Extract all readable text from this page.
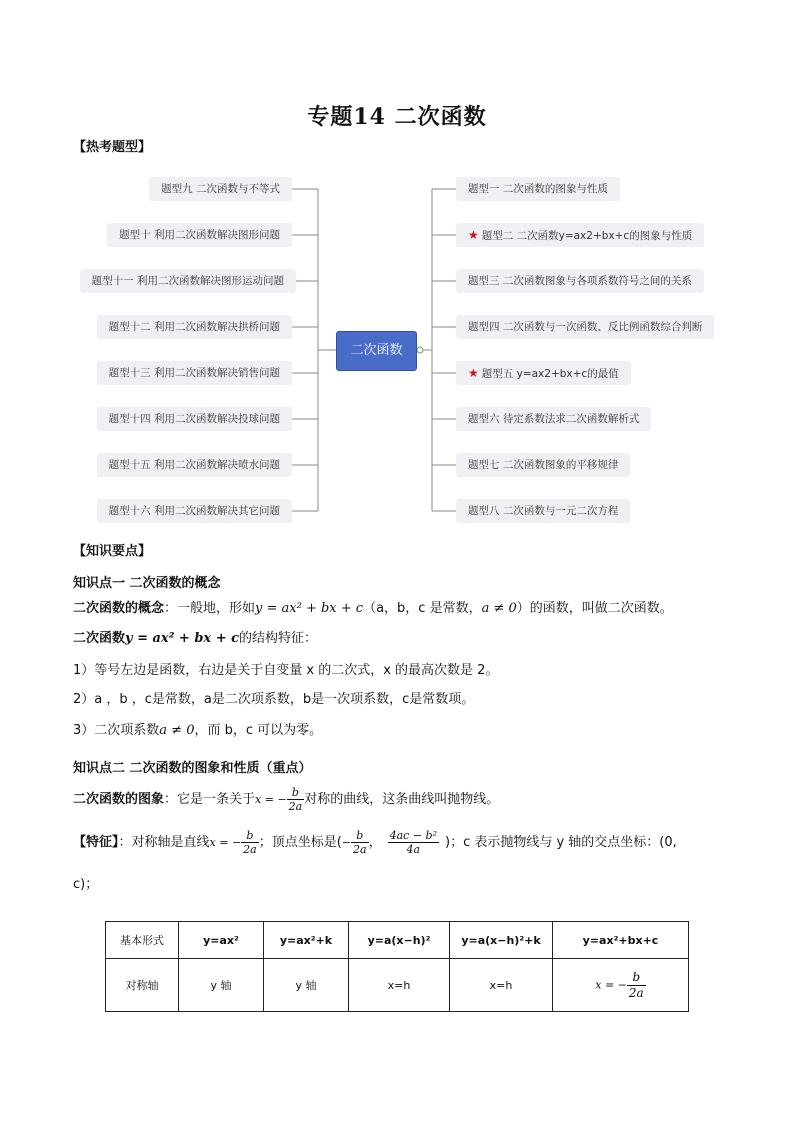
专题14 二次函数
【热考题型】
题型九 二次函数与不等式
题型十 利用二次函数解决图形问题
题型十一 利用二次函数解决图形运动问题
题型十二 利用二次函数解决拱桥问题
题型十三 利用二次函数解决销售问题
题型十四 利用二次函数解决投球问题
题型十五 利用二次函数解决喷水问题
题型十六 利用二次函数解决其它问题
题型一 二次函数的图象与性质
★ 题型二 二次函数y=ax2+bx+c的图象与性质
题型三 二次函数图象与各项系数符号之间的关系
题型四 二次函数与一次函数、反比例函数综合判断
★ 题型五 y=ax2+bx+c的最值
题型六 待定系数法求二次函数解析式
题型七 二次函数图象的平移规律
题型八 二次函数与一元二次方程
二次函数
【知识要点】
知识点一 二次函数的概念
二次函数的概念：一般地，形如y = ax² + bx + c（a，b，c 是常数，a ≠ 0）的函数，叫做二次函数。
二次函数y = ax² + bx + c的结构特征：
1）等号左边是函数，右边是关于自变量 x 的二次式，x 的最高次数是 2。
2）a ，b ，c是常数，a是二次项系数，b是一次项系数，c是常数项。
3）二次项系数a ≠ 0，而 b，c 可以为零。
知识点二 二次函数的图象和性质（重点）
二次函数的图象：它是一条关于x = − $\frac{b}{2a}$ 对称的曲线，这条曲线叫抛物线。
【特征】：对称轴是直线x = − $\frac{b}{2a}$ ；顶点坐标是(− $\frac{b}{2a}$ ， $\frac{\text{4ac − b²}}{4a}$ )；c 表示抛物线与 y 轴的交点坐标：(0,
c)；
基本形式	y=ax²	y=ax²+k	y=a(x−h)²	y=a(x−h)²+k	y=ax²+bx+c
对称轴	y 轴	y 轴	x=h	x=h	x = − $\frac{b}{2a}$
